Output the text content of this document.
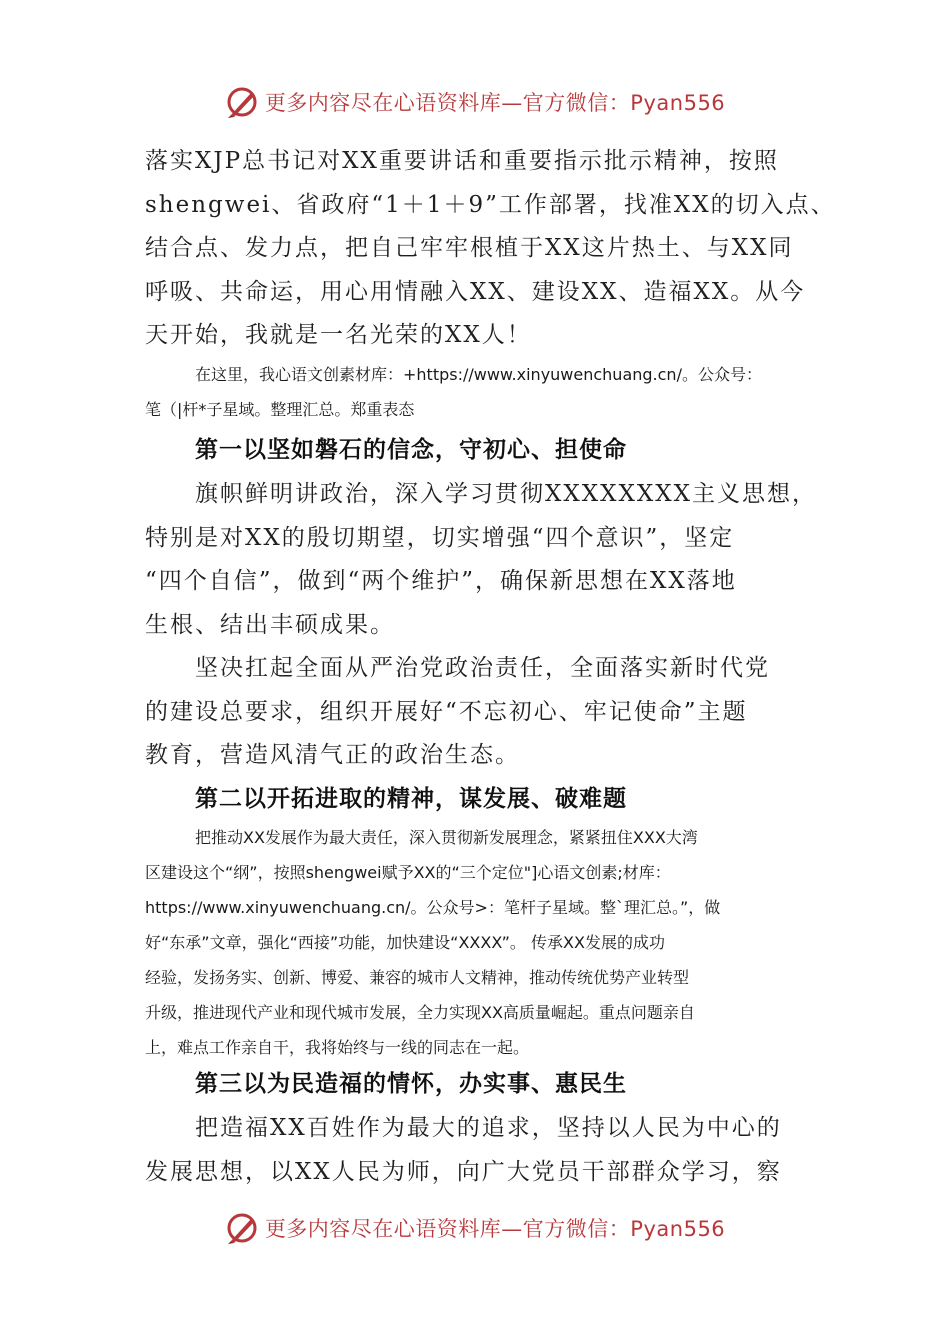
更多内容尽在心语资料库—官方微信：Pyan556
落实XJP总书记对XX重要讲话和重要指示批示精神，按照
shengwei、省政府“1＋1＋9”工作部署，找准XX的切入点、
结合点、发力点，把自己牢牢根植于XX这片热土、与XX同
呼吸、共命运，用心用情融入XX、建设XX、造福XX。从今
天开始，我就是一名光荣的XX人！
在这里，我心语文创素材库：+https://www.xinyuwenchuang.cn/。公众号：
笔（|杆*子星域。整理汇总。郑重表态
第一以坚如磐石的信念，守初心、担使命
旗帜鲜明讲政治，深入学习贯彻XXXXXXXX主义思想，
特别是对XX的殷切期望，切实增强“四个意识”，坚定
“四个自信”，做到“两个维护”，确保新思想在XX落地
生根、结出丰硕成果。
坚决扛起全面从严治党政治责任，全面落实新时代党
的建设总要求，组织开展好“不忘初心、牢记使命”主题
教育，营造风清气正的政治生态。
第二以开拓进取的精神，谋发展、破难题
把推动XX发展作为最大责任，深入贯彻新发展理念，紧紧扭住XXX大湾
区建设这个“纲”，按照shengwei赋予XX的“三个定位"]心语文创素;材库：
https://www.xinyuwenchuang.cn/。公众号>：笔杆子星域。整`理汇总。”，做
好“东承”文章，强化“西接”功能，加快建设“XXXX”。 传承XX发展的成功
经验，发扬务实、创新、博爱、兼容的城市人文精神，推动传统优势产业转型
升级，推进现代产业和现代城市发展，全力实现XX高质量崛起。重点问题亲自
上，难点工作亲自干，我将始终与一线的同志在一起。
第三以为民造福的情怀，办实事、惠民生
把造福XX百姓作为最大的追求，坚持以人民为中心的
发展思想，以XX人民为师，向广大党员干部群众学习，察
更多内容尽在心语资料库—官方微信：Pyan556
